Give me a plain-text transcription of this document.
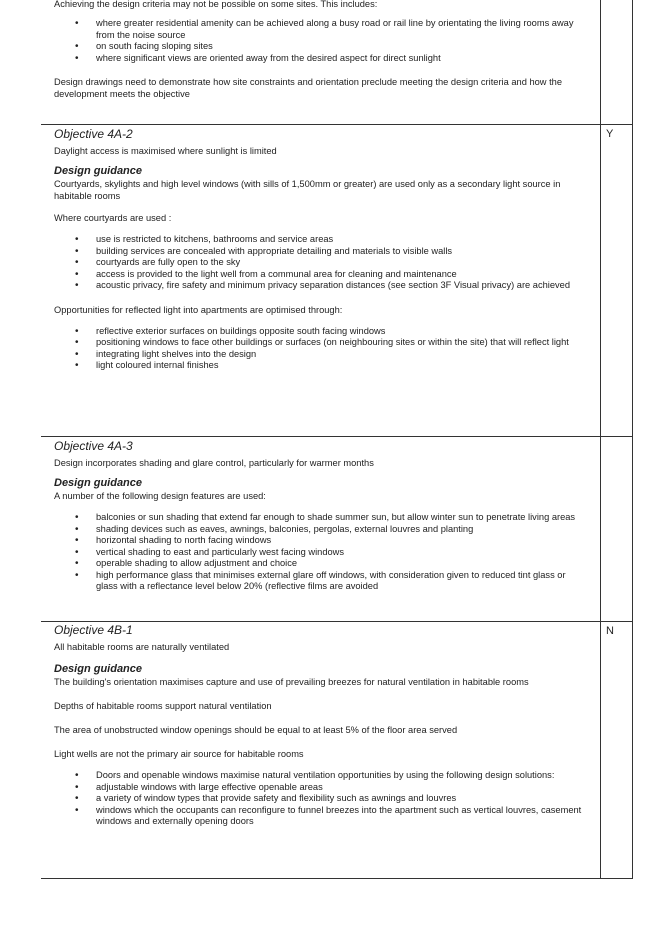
Achieving the design criteria may not be possible on some sites. This includes:

• where greater residential amenity can be achieved along a busy road or rail line by orientating the living rooms away from the noise source
• on south facing sloping sites
• where significant views are oriented away from the desired aspect for direct sunlight

Design drawings need to demonstrate how site constraints and orientation preclude meeting the design criteria and how the development meets the objective

Objective 4A-2

Daylight access is maximised where sunlight is limited

Design guidance

Courtyards, skylights and high level windows (with sills of 1,500mm or greater) are used only as a secondary light source in habitable rooms

Where courtyards are used :

• use is restricted to kitchens, bathrooms and service areas
• building services are concealed with appropriate detailing and materials to visible walls
• courtyards are fully open to the sky
• access is provided to the light well from a communal area for cleaning and maintenance
• acoustic privacy, fire safety and minimum privacy separation distances (see section 3F Visual privacy) are achieved

Opportunities for reflected light into apartments are optimised through:

• reflective exterior surfaces on buildings opposite south facing windows
• positioning windows to face other buildings or surfaces (on neighbouring sites or within the site) that will reflect light
• integrating light shelves into the design
• light coloured internal finishes
Y

Objective 4A-3

Design incorporates shading and glare control, particularly for warmer months

Design guidance

A number of the following design features are used:

• balconies or sun shading that extend far enough to shade summer sun, but allow winter sun to penetrate living areas
• shading devices such as eaves, awnings, balconies, pergolas, external louvres and planting
• horizontal shading to north facing windows
• vertical shading to east and particularly west facing windows
• operable shading to allow adjustment and choice
• high performance glass that minimises external glare off windows, with consideration given to reduced tint glass or glass with a reflectance level below 20% (reflective films are avoided

Objective 4B-1

All habitable rooms are naturally ventilated

Design guidance

The building's orientation maximises capture and use of prevailing breezes for natural ventilation in habitable rooms

Depths of habitable rooms support natural ventilation

The area of unobstructed window openings should be equal to at least 5% of the floor area served

Light wells are not the primary air source for habitable rooms

• Doors and openable windows maximise natural ventilation opportunities by using the following design solutions:
• adjustable windows with large effective openable areas
• a variety of window types that provide safety and flexibility such as awnings and louvres
• windows which the occupants can reconfigure to funnel breezes into the apartment such as vertical louvres, casement windows and externally opening doors
N
